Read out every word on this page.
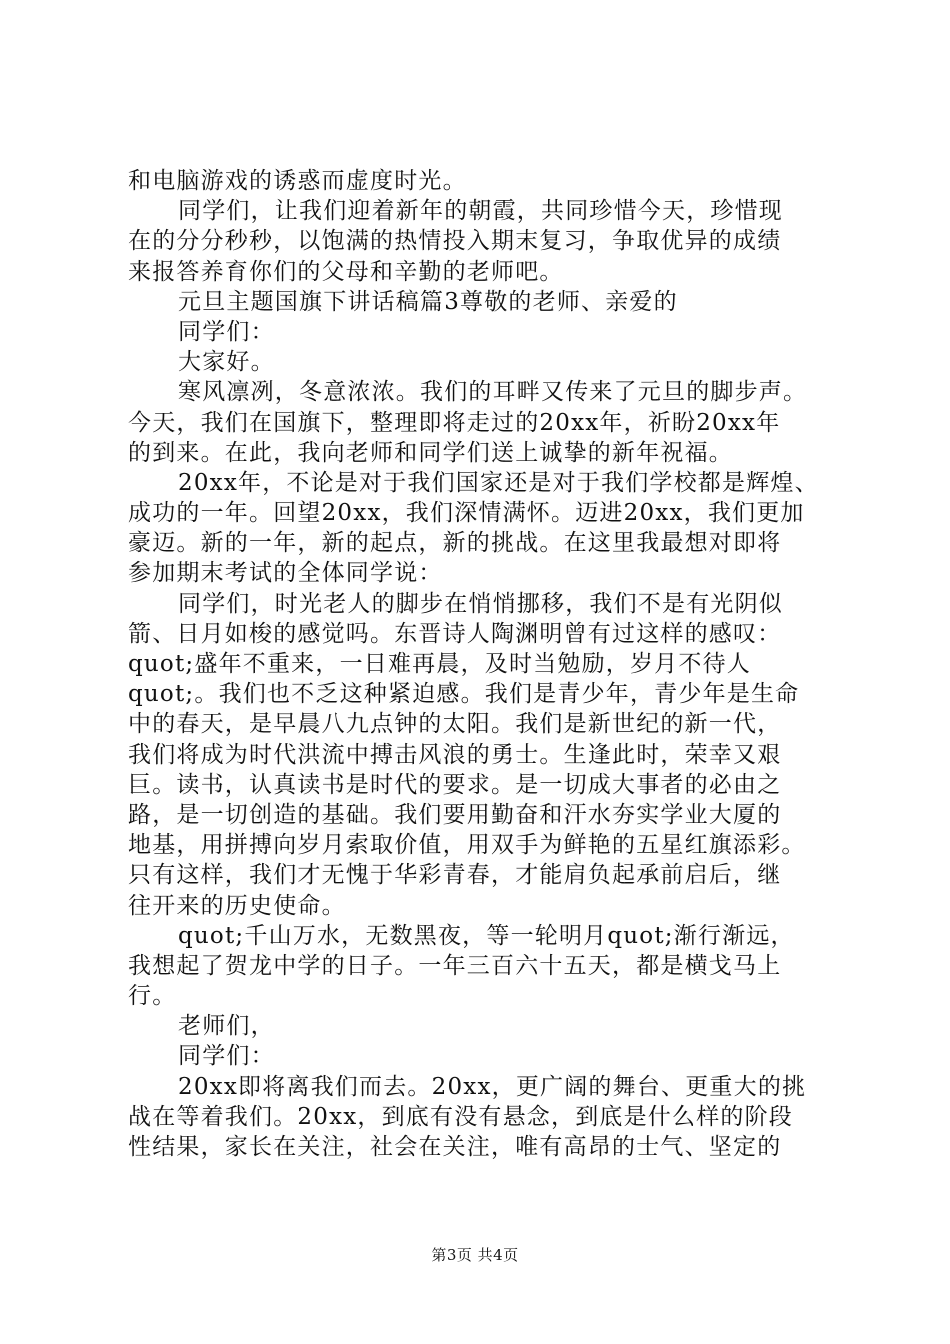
和电脑游戏的诱惑而虚度时光。
同学们，让我们迎着新年的朝霞，共同珍惜今天，珍惜现
在的分分秒秒，以饱满的热情投入期末复习，争取优异的成绩
来报答养育你们的父母和辛勤的老师吧。
元旦主题国旗下讲话稿篇3尊敬的老师、亲爱的
同学们：
大家好。
寒风凛冽，冬意浓浓。我们的耳畔又传来了元旦的脚步声。
今天，我们在国旗下，整理即将走过的20xx年，祈盼20xx年
的到来。在此，我向老师和同学们送上诚挚的新年祝福。
20xx年，不论是对于我们国家还是对于我们学校都是辉煌、
成功的一年。回望20xx，我们深情满怀。迈进20xx，我们更加
豪迈。新的一年，新的起点，新的挑战。在这里我最想对即将
参加期末考试的全体同学说：
同学们，时光老人的脚步在悄悄挪移，我们不是有光阴似
箭、日月如梭的感觉吗。东晋诗人陶渊明曾有过这样的感叹：
quot;盛年不重来，一日难再晨，及时当勉励，岁月不待人
quot;。我们也不乏这种紧迫感。我们是青少年，青少年是生命
中的春天，是早晨八九点钟的太阳。我们是新世纪的新一代，
我们将成为时代洪流中搏击风浪的勇士。生逢此时，荣幸又艰
巨。读书，认真读书是时代的要求。是一切成大事者的必由之
路，是一切创造的基础。我们要用勤奋和汗水夯实学业大厦的
地基，用拼搏向岁月索取价值，用双手为鲜艳的五星红旗添彩。
只有这样，我们才无愧于华彩青春，才能肩负起承前启后，继
往开来的历史使命。
quot;千山万水，无数黑夜，等一轮明月quot;渐行渐远，
我想起了贺龙中学的日子。一年三百六十五天，都是横戈马上
行。
老师们，
同学们：
20xx即将离我们而去。20xx，更广阔的舞台、更重大的挑
战在等着我们。20xx，到底有没有悬念，到底是什么样的阶段
性结果，家长在关注，社会在关注，唯有高昂的士气、坚定的
第3页 共4页
